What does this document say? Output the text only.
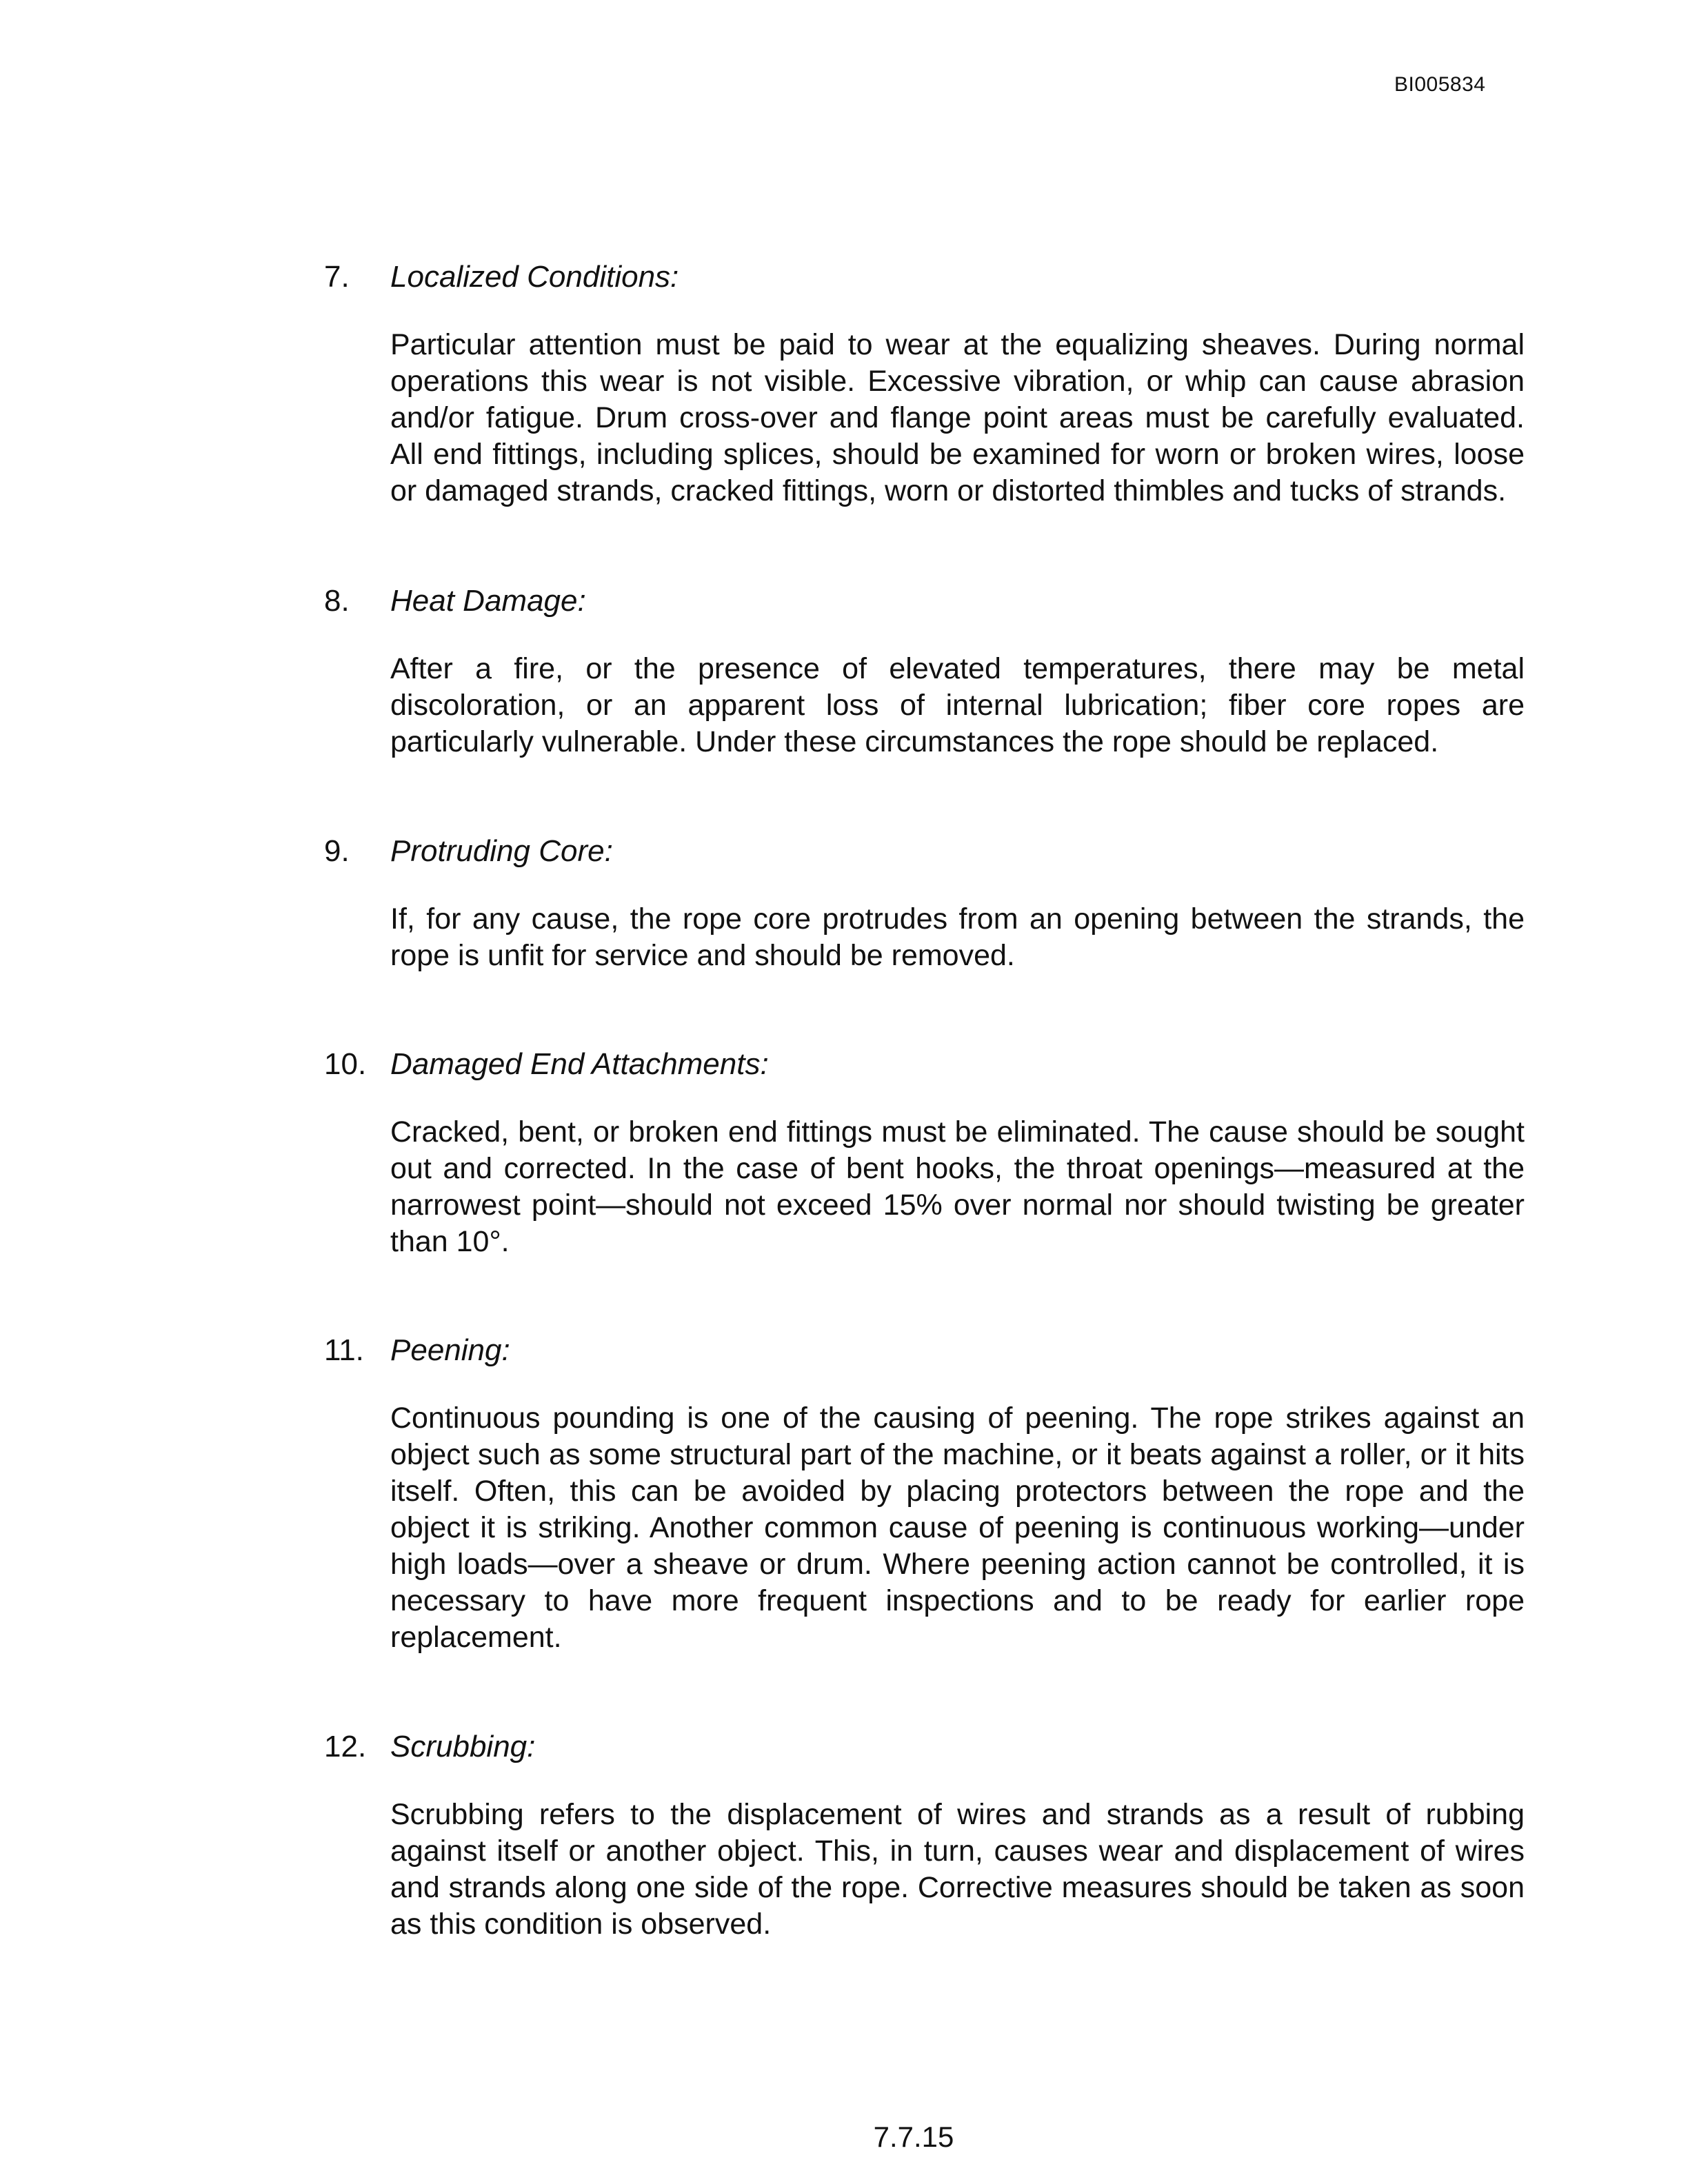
BI005834
7. Localized Conditions:
Particular attention must be paid to wear at the equalizing sheaves. During normal operations this wear is not visible. Excessive vibration, or whip can cause abrasion and/or fatigue. Drum cross-over and flange point areas must be carefully evaluated. All end fittings, including splices, should be examined for worn or broken wires, loose or damaged strands, cracked fittings, worn or distorted thimbles and tucks of strands.
8. Heat Damage:
After a fire, or the presence of elevated temperatures, there may be metal discoloration, or an apparent loss of internal lubrication; fiber core ropes are particularly vulnerable. Under these circumstances the rope should be replaced.
9. Protruding Core:
If, for any cause, the rope core protrudes from an opening between the strands, the rope is unfit for service and should be removed.
10. Damaged End Attachments:
Cracked, bent, or broken end fittings must be eliminated. The cause should be sought out and corrected. In the case of bent hooks, the throat openings—measured at the narrowest point—should not exceed 15% over normal nor should twisting be greater than 10°.
11. Peening:
Continuous pounding is one of the causing of peening. The rope strikes against an object such as some structural part of the machine, or it beats against a roller, or it hits itself. Often, this can be avoided by placing protectors between the rope and the object it is striking. Another common cause of peening is continuous working—under high loads—over a sheave or drum. Where peening action cannot be controlled, it is necessary to have more frequent inspections and to be ready for earlier rope replacement.
12. Scrubbing:
Scrubbing refers to the displacement of wires and strands as a result of rubbing against itself or another object. This, in turn, causes wear and displacement of wires and strands along one side of the rope. Corrective measures should be taken as soon as this condition is observed.
7.7.15
